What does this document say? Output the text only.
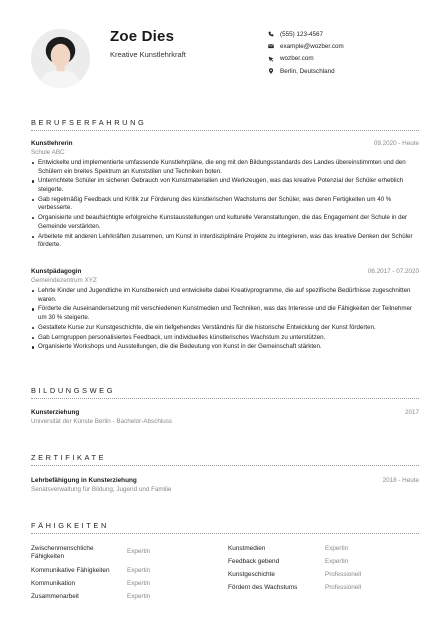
Zoe Dies
Kreative Kunstlehrkraft
(555) 123-4567
example@wozber.com
wozber.com
Berlin, Deutschland
BERUFSERFAHRUNG
Kunstlehrerin	09.2020 - Heute
Schule ABC
Entwickelte und implementierte umfassende Kunstlehrpläne, die eng mit den Bildungsstandards des Landes übereinstimmten und den Schülern ein breites Spektrum an Kunststilen und Techniken boten.
Unterrichtete Schüler im sicheren Gebrauch von Kunstmaterialien und Werkzeugen, was das kreative Potenzial der Schüler erheblich steigerte.
Gab regelmäßig Feedback und Kritik zur Förderung des künstlerischen Wachstums der Schüler, was deren Fertigkeiten um 40 % verbesserte.
Organisierte und beaufsichtigte erfolgreiche Kunstausstellungen und kulturelle Veranstaltungen, die das Engagement der Schule in der Gemeinde verstärkten.
Arbeitete mit anderen Lehrkräften zusammen, um Kunst in interdisziplinäre Projekte zu integrieren, was das kreative Denken der Schüler förderte.
Kunstpädagogin	06.2017 - 07.2020
Gemeindezentrum XYZ
Lehrte Kinder und Jugendliche im Kunstbereich und entwickelte dabei Kreativprogramme, die auf spezifische Bedürfnisse zugeschnitten waren.
Förderte die Auseinandersetzung mit verschiedenen Kunstmedien und Techniken, was das Interesse und die Fähigkeiten der Teilnehmer um 30 % steigerte.
Gestaltete Kurse zur Kunstgeschichte, die ein tiefgehendes Verständnis für die historische Entwicklung der Kunst förderten.
Gab Lerngruppen personalisiertes Feedback, um individuelles künstlerisches Wachstum zu unterstützen.
Organisierte Workshops und Ausstellungen, die die Bedeutung von Kunst in der Gemeinschaft stärkten.
BILDUNGSWEG
Kunsterziehung	2017
Universität der Künste Berlin - Bachelor-Abschluss
ZERTIFIKATE
Lehrbefähigung in Kunsterziehung	2018 - Heute
Senatsverwaltung für Bildung, Jugend und Familie
FÄHIGKEITEN
Zwischenmenschliche Fähigkeiten
Expertin
Kommunikative Fähigkeiten	Expertin
Kommunikation	Expertin
Zusammenarbeit	Expertin
Kunstmedien	Expertin
Feedback gebend	Expertin
Kunstgeschichte	Professionell
Fördern des Wachstums	Professionell
